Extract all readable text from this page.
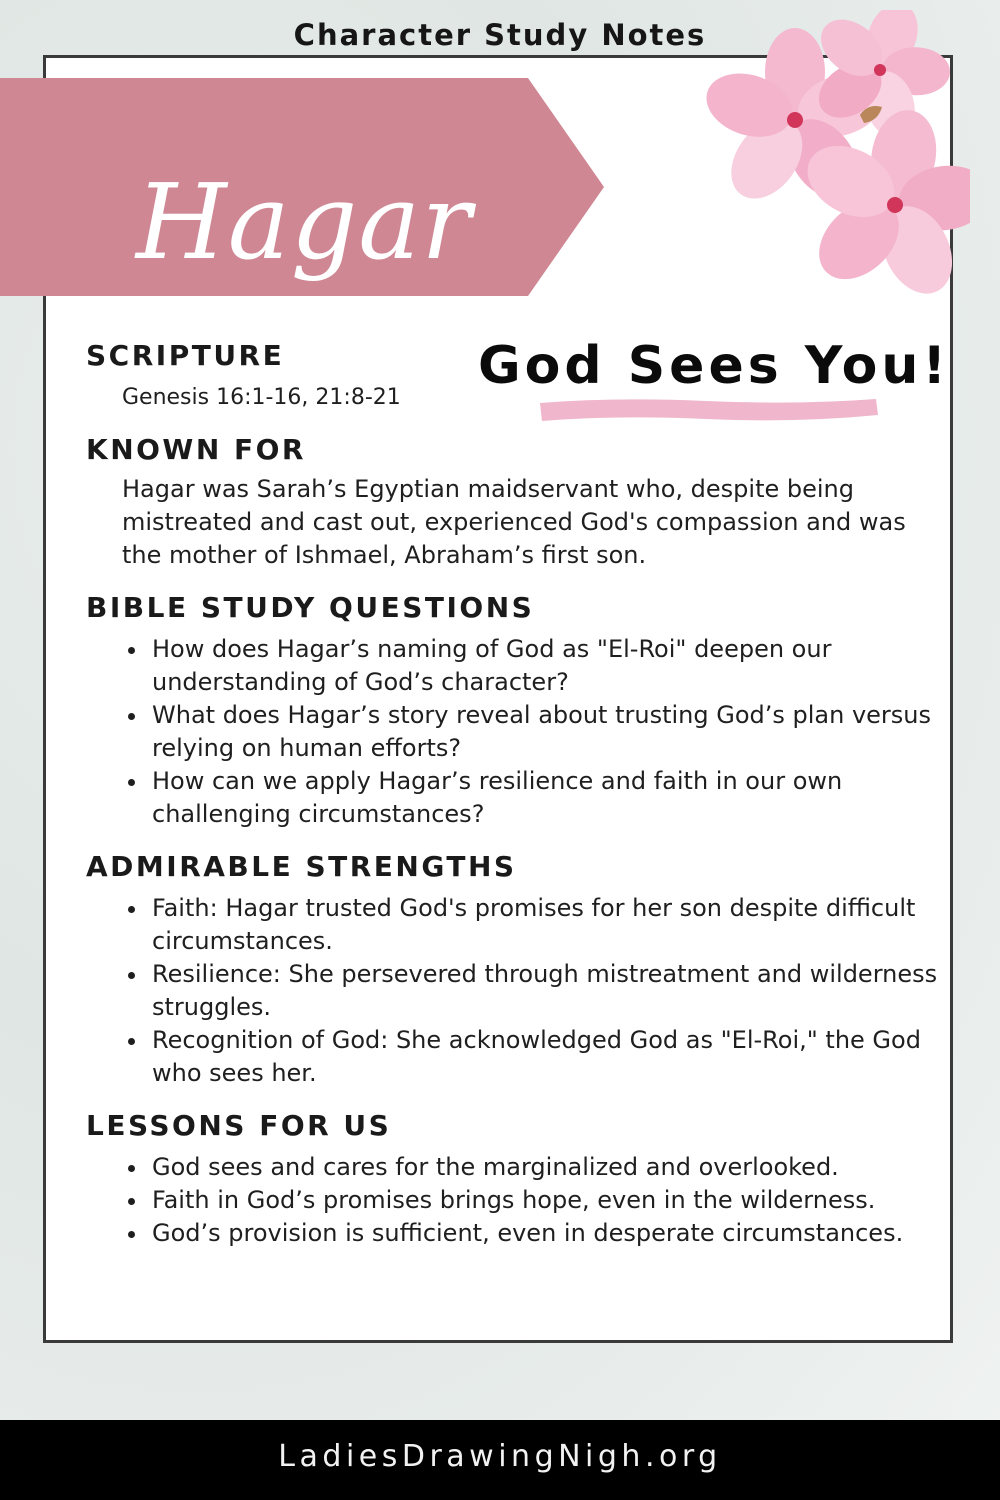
Character Study Notes
Hagar
God Sees You!
SCRIPTURE
Genesis 16:1-16, 21:8-21
KNOWN FOR
Hagar was Sarah’s Egyptian maidservant who, despite being mistreated and cast out, experienced God's compassion and was the mother of Ishmael, Abraham’s first son.
BIBLE STUDY QUESTIONS
How does Hagar’s naming of God as "El-Roi" deepen our understanding of God’s character?
What does Hagar’s story reveal about trusting God’s plan versus relying on human efforts?
How can we apply Hagar’s resilience and faith in our own challenging circumstances?
ADMIRABLE STRENGTHS
Faith: Hagar trusted God's promises for her son despite difficult circumstances.
Resilience: She persevered through mistreatment and wilderness struggles.
Recognition of God: She acknowledged God as "El-Roi," the God who sees her.
LESSONS FOR US
God sees and cares for the marginalized and overlooked.
Faith in God’s promises brings hope, even in the wilderness.
God’s provision is sufficient, even in desperate circumstances.
LadiesDrawingNigh.org
